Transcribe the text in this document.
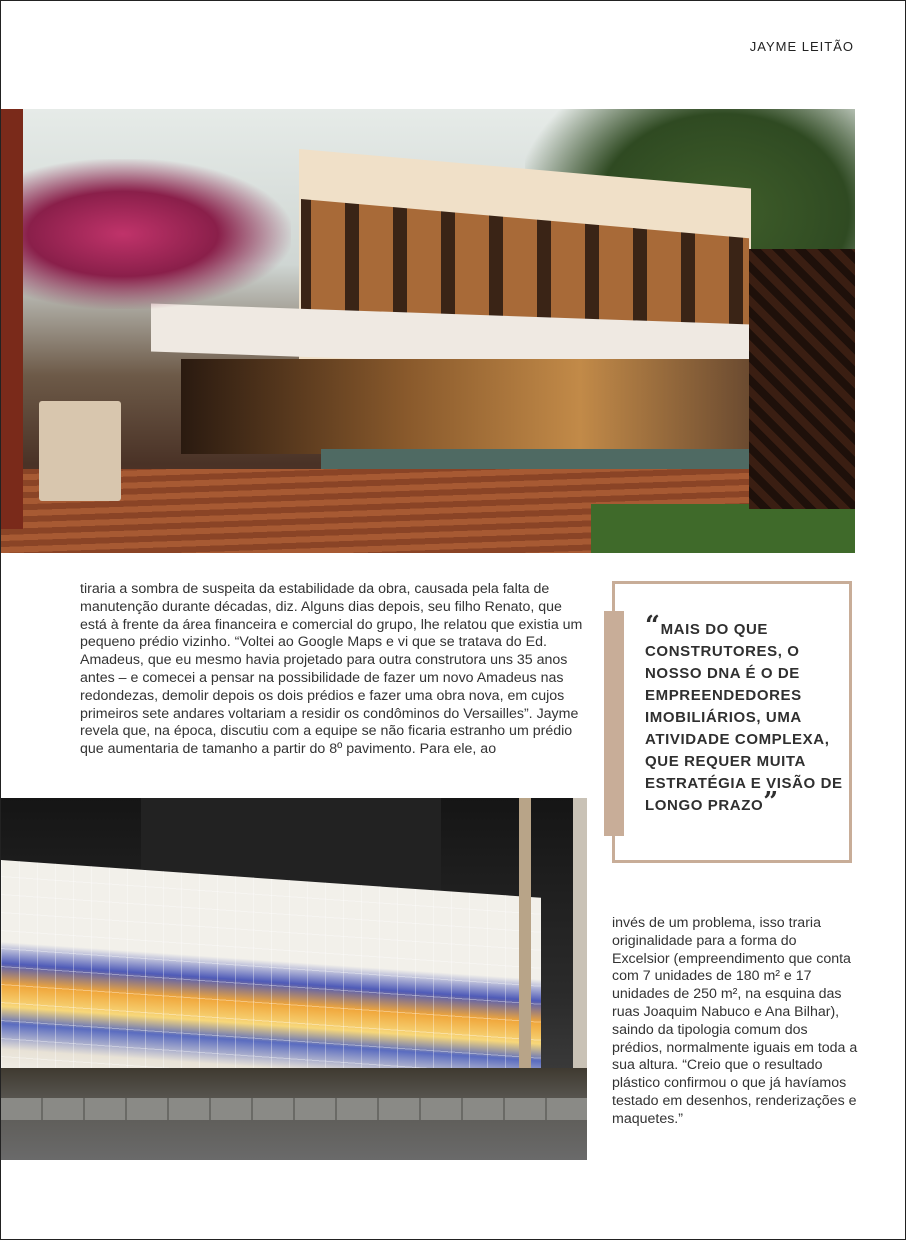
JAYME LEITÃO

tiraria a sombra de suspeita da estabilidade da obra, causada pela falta de manutenção durante décadas, diz. Alguns dias depois, seu filho Renato, que está à frente da área financeira e comercial do grupo, lhe relatou que existia um pequeno prédio vizinho. “Voltei ao Google Maps e vi que se tratava do Ed. Amadeus, que eu mesmo havia projetado para outra construtora uns 35 anos antes – e comecei a pensar na possibilidade de fazer um novo Amadeus nas redondezas, demolir depois os dois prédios e fazer uma obra nova, em cujos primeiros sete andares voltariam a residir os condôminos do Versailles”. Jayme revela que, na época, discutiu com a equipe se não ficaria estranho um prédio que aumentaria de tamanho a partir do 8º pavimento. Para ele, ao

“MAIS DO QUE CONSTRUTORES, O NOSSO DNA É O DE EMPREENDEDORES IMOBILIÁRIOS, UMA ATIVIDADE COMPLEXA, QUE REQUER MUITA ESTRATÉGIA E VISÃO DE LONGO PRAZO”

invés de um problema, isso traria originalidade para a forma do Excelsior (empreendimento que conta com 7 unidades de 180 m² e 17 unidades de 250 m², na esquina das ruas Joaquim Nabuco e Ana Bilhar), saindo da tipologia comum dos prédios, normalmente iguais em toda a sua altura. “Creio que o resultado plástico confirmou o que já havíamos testado em desenhos, renderizações e maquetes.”
